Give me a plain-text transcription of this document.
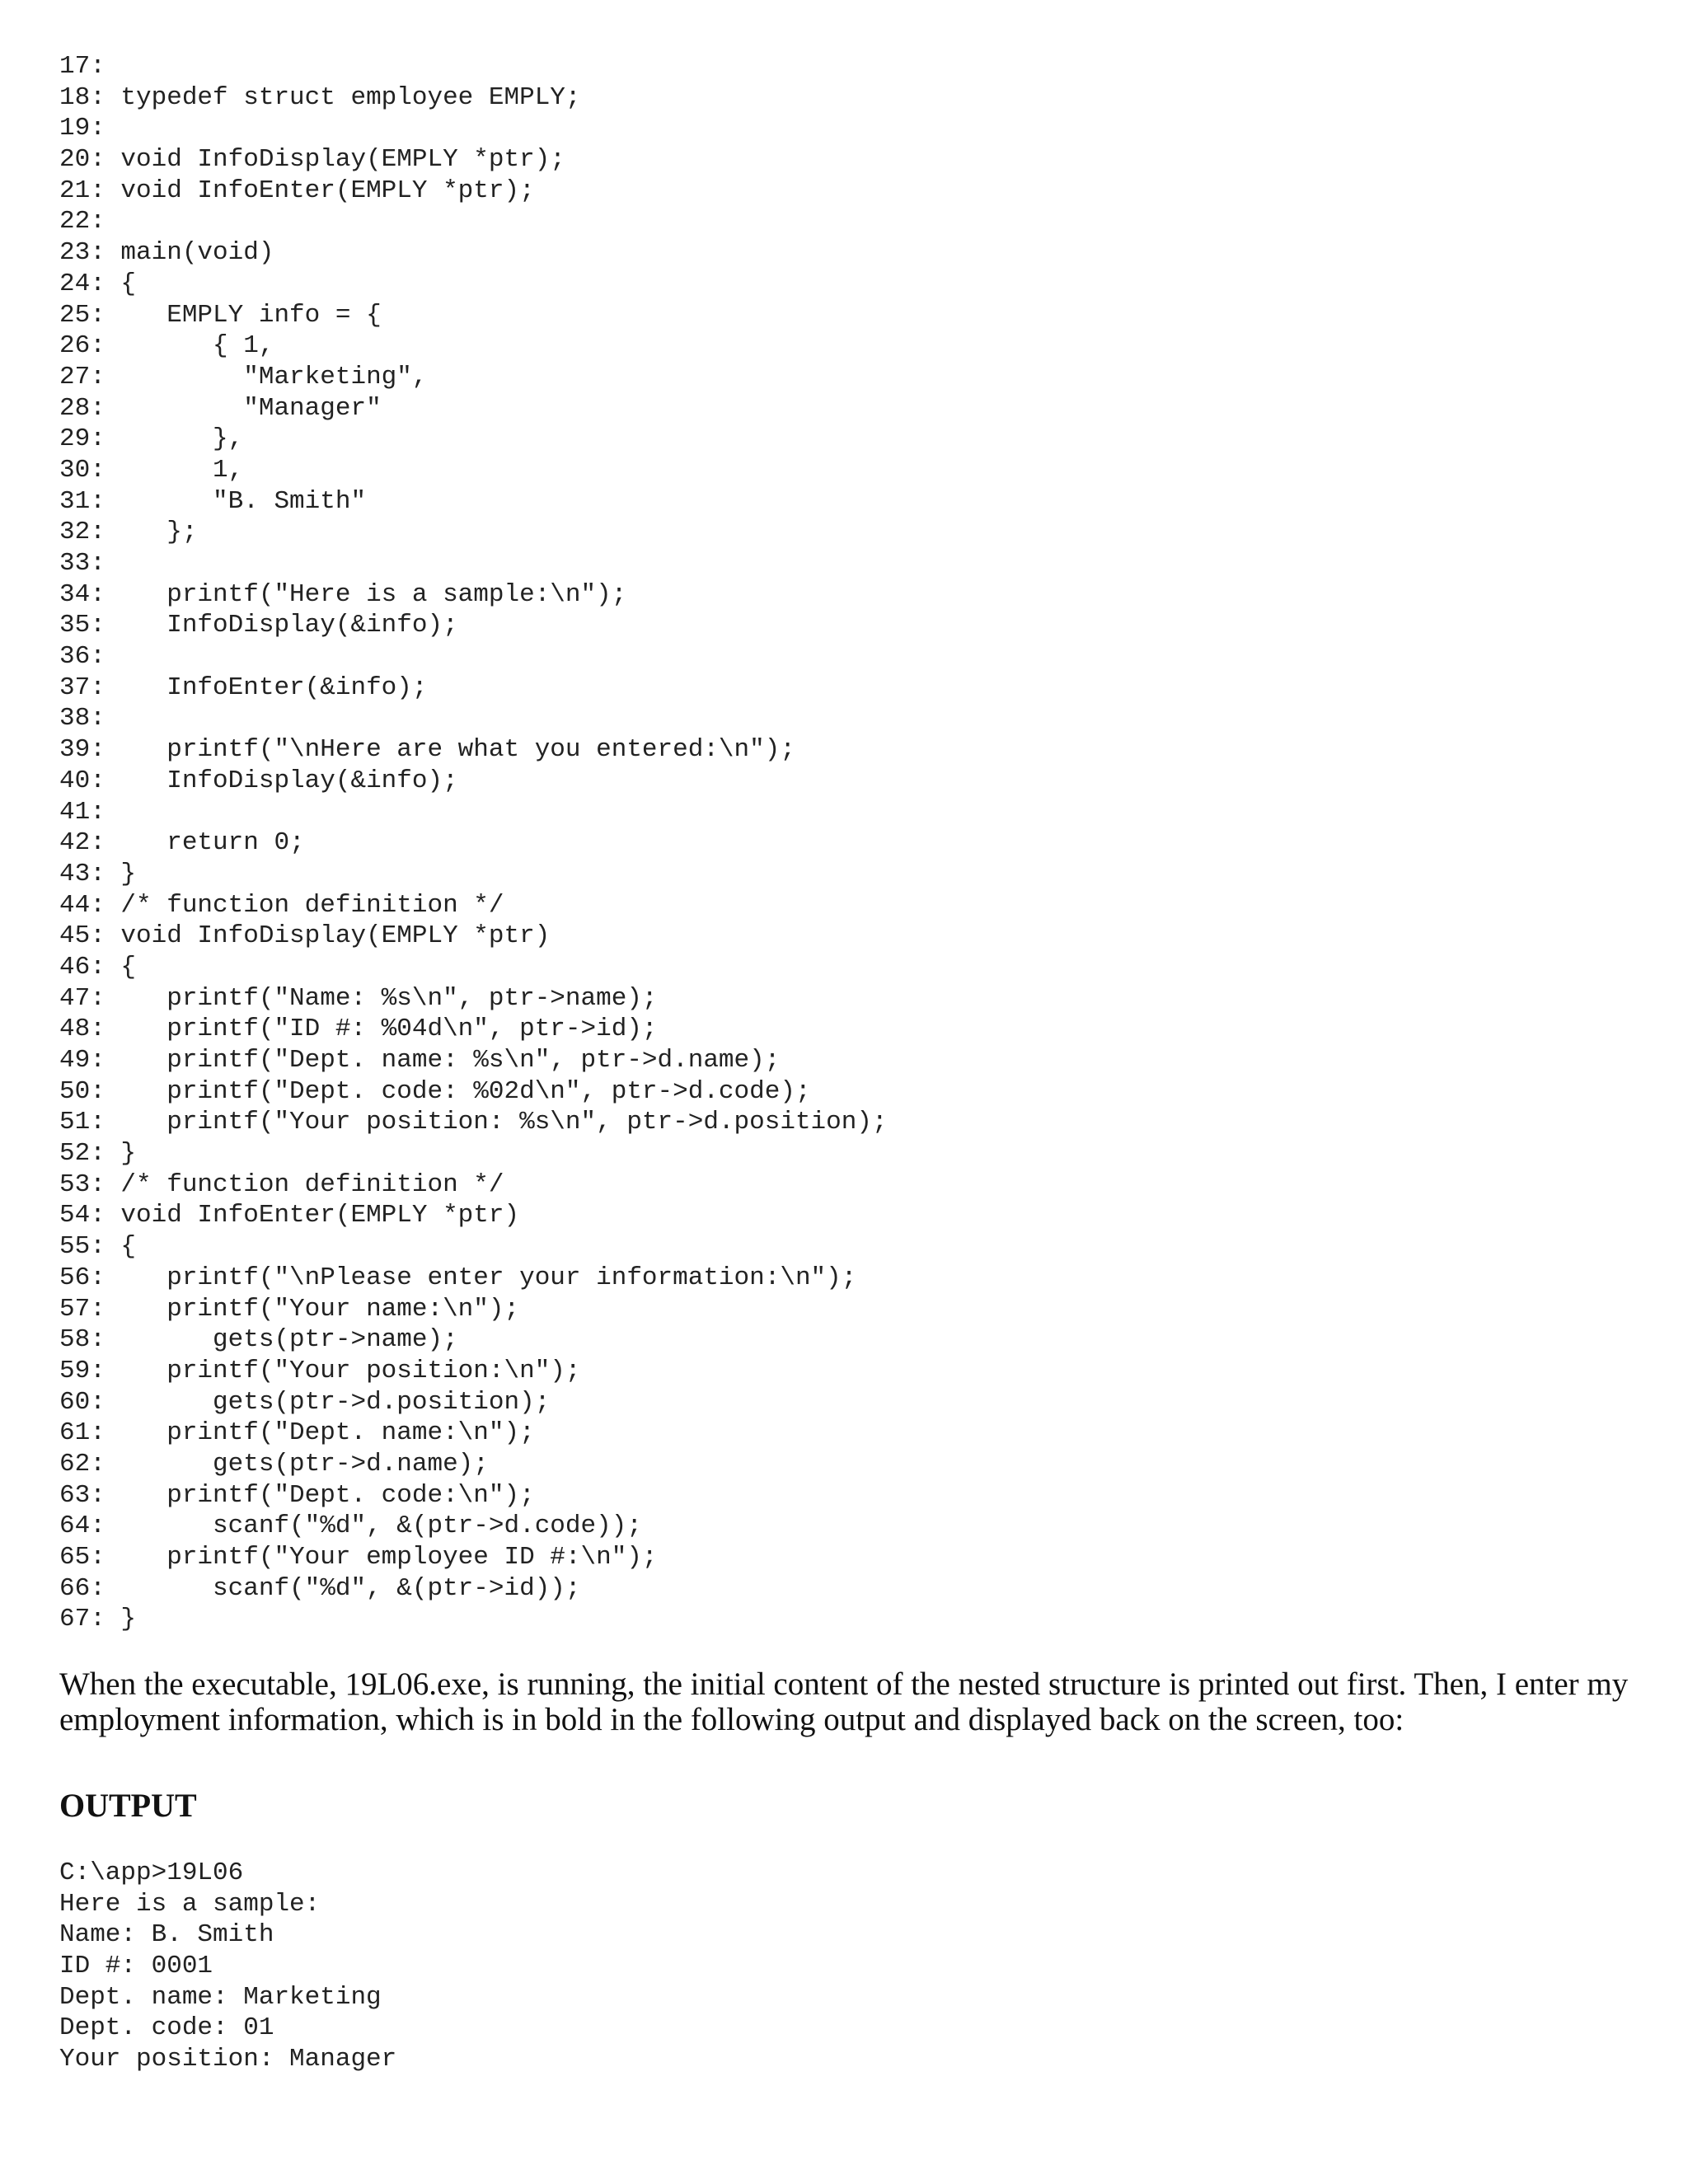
17:
18: typedef struct employee EMPLY;
19:
20: void InfoDisplay(EMPLY *ptr);
21: void InfoEnter(EMPLY *ptr);
22:
23: main(void)
24: {
25:    EMPLY info = {
26:       { 1,
27:         "Marketing",
28:         "Manager"
29:       },
30:       1,
31:       "B. Smith"
32:    };
33:
34:    printf("Here is a sample:\n");
35:    InfoDisplay(&info);
36:
37:    InfoEnter(&info);
38:
39:    printf("\nHere are what you entered:\n");
40:    InfoDisplay(&info);
41:
42:    return 0;
43: }
44: /* function definition */
45: void InfoDisplay(EMPLY *ptr)
46: {
47:    printf("Name: %s\n", ptr->name);
48:    printf("ID #: %04d\n", ptr->id);
49:    printf("Dept. name: %s\n", ptr->d.name);
50:    printf("Dept. code: %02d\n", ptr->d.code);
51:    printf("Your position: %s\n", ptr->d.position);
52: }
53: /* function definition */
54: void InfoEnter(EMPLY *ptr)
55: {
56:    printf("\nPlease enter your information:\n");
57:    printf("Your name:\n");
58:       gets(ptr->name);
59:    printf("Your position:\n");
60:       gets(ptr->d.position);
61:    printf("Dept. name:\n");
62:       gets(ptr->d.name);
63:    printf("Dept. code:\n");
64:       scanf("%d", &(ptr->d.code));
65:    printf("Your employee ID #:\n");
66:       scanf("%d", &(ptr->id));
67: }

When the executable, 19L06.exe, is running, the initial content of the nested structure is printed out first. Then, I enter my employment information, which is in bold in the following output and displayed back on the screen, too:

OUTPUT
C:\app>19L06
Here is a sample:
Name: B. Smith
ID #: 0001
Dept. name: Marketing
Dept. code: 01
Your position: Manager
